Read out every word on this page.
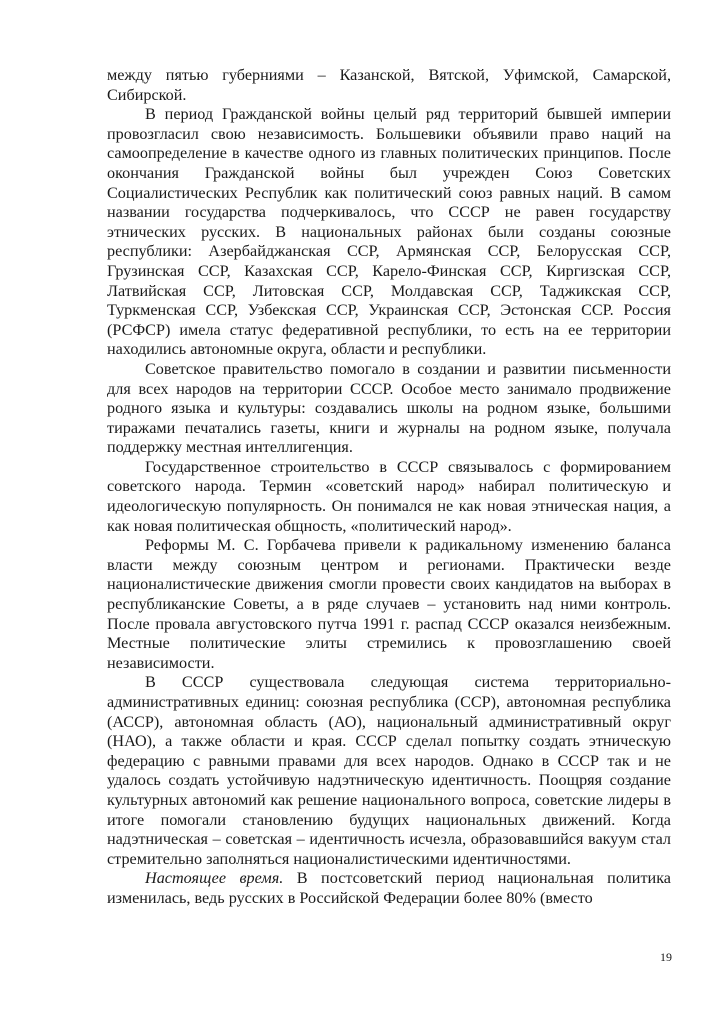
между пятью губерниями – Казанской, Вятской, Уфимской, Самарской, Сибирской.

В период Гражданской войны целый ряд территорий бывшей империи провозгласил свою независимость. Большевики объявили право наций на самоопределение в качестве одного из главных политических принципов. После окончания Гражданской войны был учрежден Союз Советских Социалистических Республик как политический союз равных наций. В самом названии государства подчеркивалось, что СССР не равен государству этнических русских. В национальных районах были созданы союзные республики: Азербайджанская ССР, Армянская ССР, Белорусская ССР, Грузинская ССР, Казахская ССР, Карело-Финская ССР, Киргизская ССР, Латвийская ССР, Литовская ССР, Молдавская ССР, Таджикская ССР, Туркменская ССР, Узбекская ССР, Украинская ССР, Эстонская ССР. Россия (РСФСР) имела статус федеративной республики, то есть на ее территории находились автономные округа, области и республики.

Советское правительство помогало в создании и развитии письменности для всех народов на территории СССР. Особое место занимало продвижение родного языка и культуры: создавались школы на родном языке, большими тиражами печатались газеты, книги и журналы на родном языке, получала поддержку местная интеллигенция.

Государственное строительство в СССР связывалось с формированием советского народа. Термин «советский народ» набирал политическую и идеологическую популярность. Он понимался не как новая этническая нация, а как новая политическая общность, «политический народ».

Реформы М. С. Горбачева привели к радикальному изменению баланса власти между союзным центром и регионами. Практически везде националистические движения смогли провести своих кандидатов на выборах в республиканские Советы, а в ряде случаев – установить над ними контроль. После провала августовского путча 1991 г. распад СССР оказался неизбежным. Местные политические элиты стремились к провозглашению своей независимости.

В СССР существовала следующая система территориально-административных единиц: союзная республика (ССР), автономная республика (АССР), автономная область (АО), национальный административный округ (НАО), а также области и края. СССР сделал попытку создать этническую федерацию с равными правами для всех народов. Однако в СССР так и не удалось создать устойчивую надэтническую идентичность. Поощряя создание культурных автономий как решение национального вопроса, советские лидеры в итоге помогали становлению будущих национальных движений. Когда надэтническая – советская – идентичность исчезла, образовавшийся вакуум стал стремительно заполняться националистическими идентичностями.

Настоящее время. В постсоветский период национальная политика изменилась, ведь русских в Российской Федерации более 80% (вместо

19
